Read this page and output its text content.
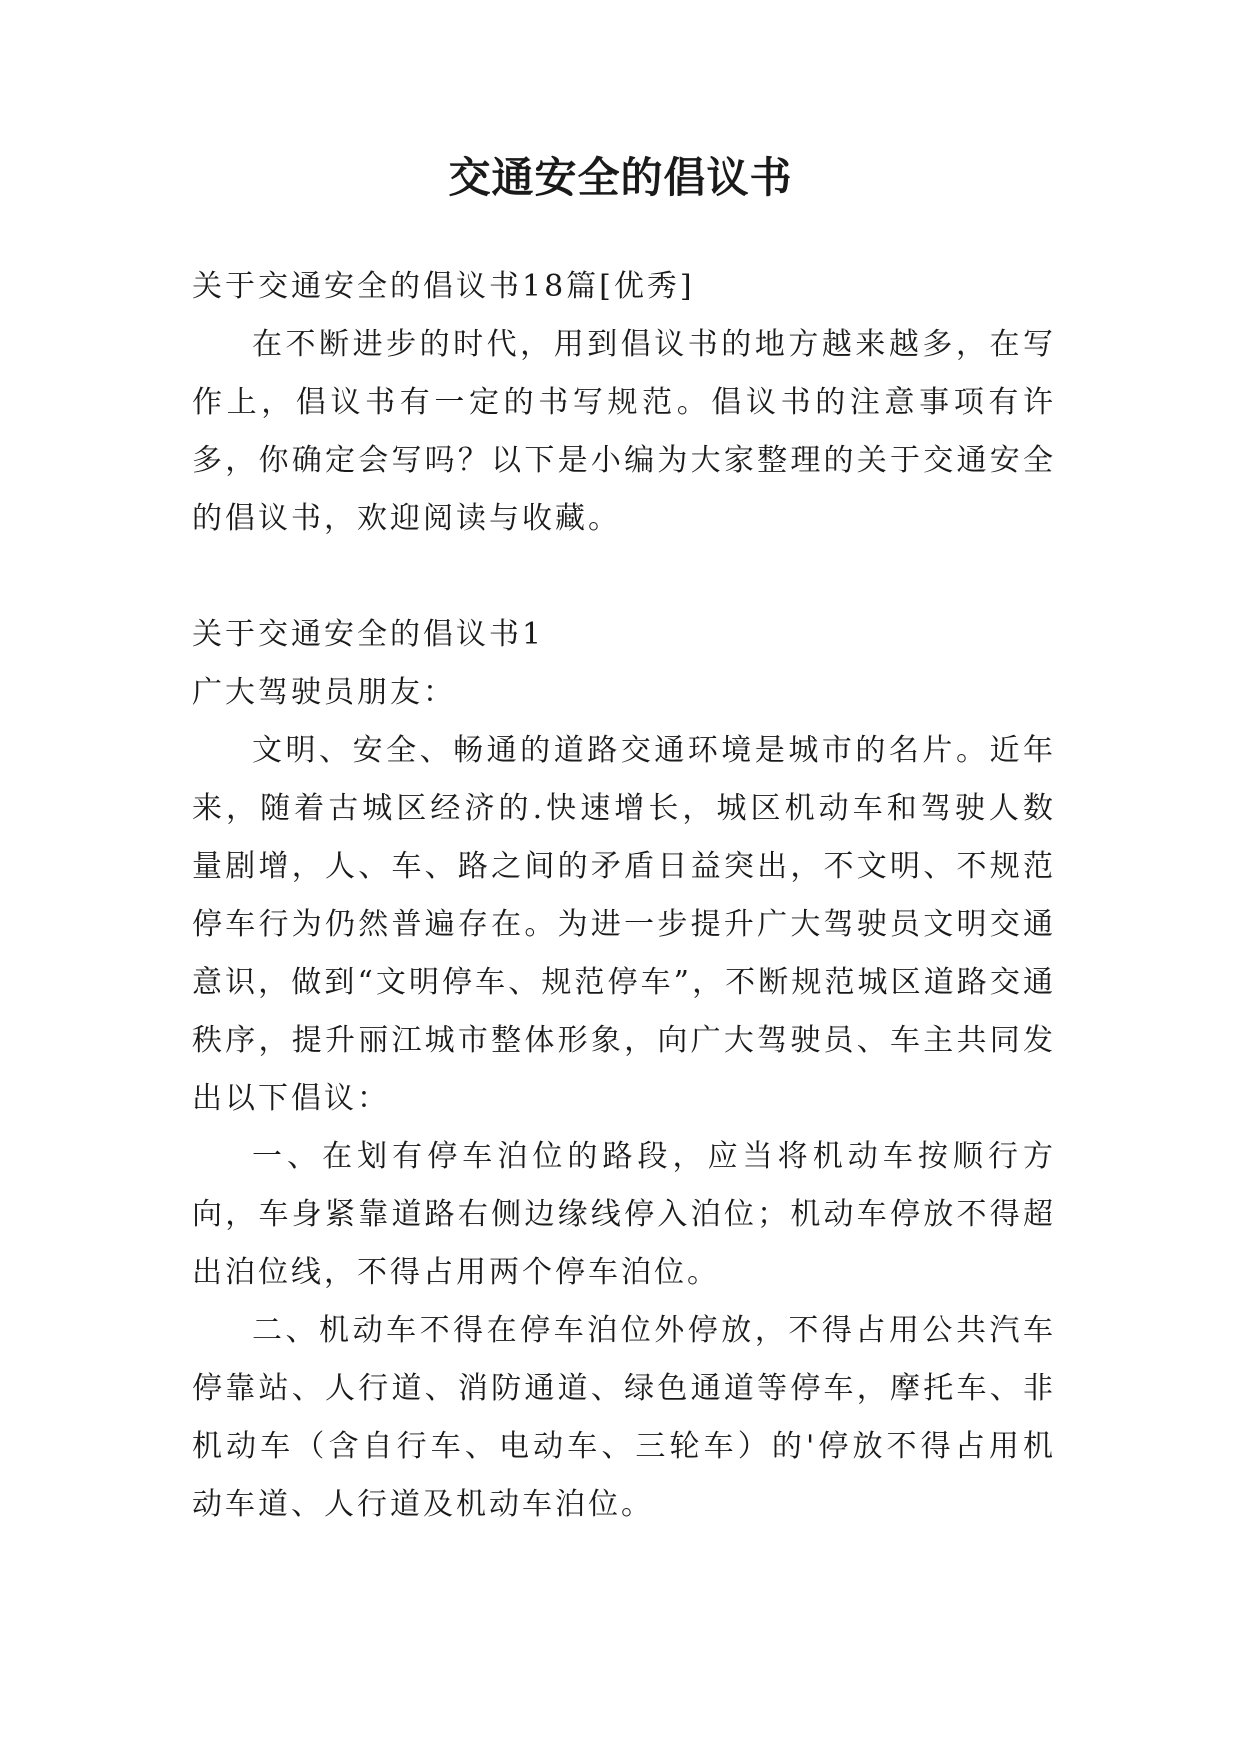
交通安全的倡议书

关于交通安全的倡议书18篇[优秀]

在不断进步的时代，用到倡议书的地方越来越多，在写作上，倡议书有一定的书写规范。倡议书的注意事项有许多，你确定会写吗？以下是小编为大家整理的关于交通安全的倡议书，欢迎阅读与收藏。

关于交通安全的倡议书1

广大驾驶员朋友：

文明、安全、畅通的道路交通环境是城市的名片。近年来，随着古城区经济的.快速增长，城区机动车和驾驶人数量剧增，人、车、路之间的矛盾日益突出，不文明、不规范停车行为仍然普遍存在。为进一步提升广大驾驶员文明交通意识，做到“文明停车、规范停车”，不断规范城区道路交通秩序，提升丽江城市整体形象，向广大驾驶员、车主共同发出以下倡议：

一、在划有停车泊位的路段，应当将机动车按顺行方向，车身紧靠道路右侧边缘线停入泊位；机动车停放不得超出泊位线，不得占用两个停车泊位。

二、机动车不得在停车泊位外停放，不得占用公共汽车停靠站、人行道、消防通道、绿色通道等停车，摩托车、非机动车（含自行车、电动车、三轮车）的'停放不得占用机动车道、人行道及机动车泊位。
